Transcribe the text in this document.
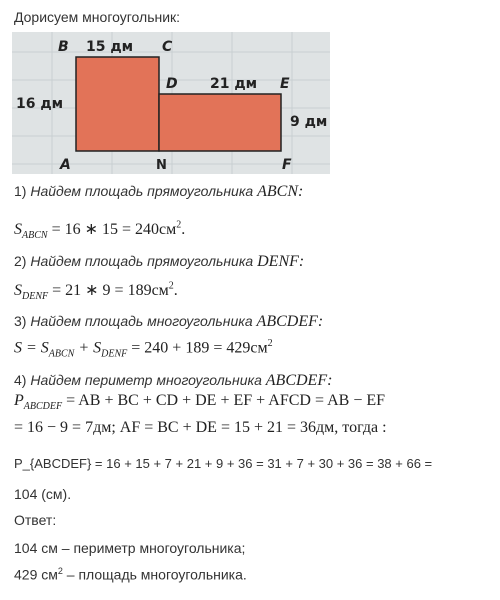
Дорисуем многоугольник:
B	C
D	E
A	F
N
15 дм
16 дм
21 дм
9 дм
1) Найдем площадь прямоугольника ABCN:
$S_{ABCN} = 16$ ∗ $15 = 240см^2$.
2) Найдем площадь прямоугольника DENF:
$S_{DENF} = 21$ ∗ $9 = 189см^2$.
3) Найдем площадь многоугольника ABCDEF:
$S = S_{ABCN} + S_{DENF} = 240 + 189 = 429см^2$
4) Найдем периметр многоугольника ABCDEF:
$P_{ABCDEF}$ = AB + BC + CD + DE + EF + AFCD = AB − EF
= 16 − 9 = 7дм; AF = BC + DE = 15 + 21 = 36дм, тогда :
P_{ABCDEF} = 16 + 15 + 7 + 21 + 9 + 36 = 31 + 7 + 30 + 36 = 38 + 66 =
104 (см).
Ответ:
104 см – периметр многоугольника;
429 $см^2$ – площадь многоугольника.
